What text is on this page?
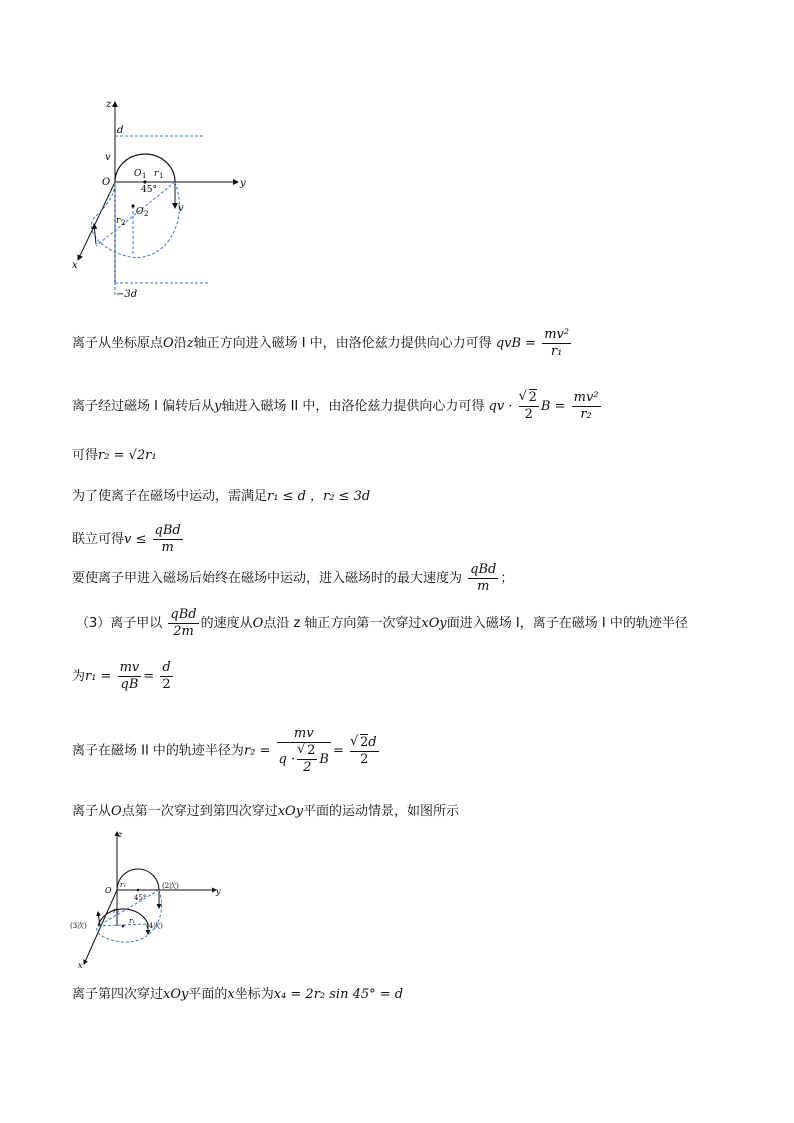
z
y
x
O
d
−3d
v
v
O 1 r 1
45°
O 2
r 2
离子从坐标原点O沿z轴正方向进入磁场 I 中，由洛伦兹力提供向心力可得 qvB = $\frac{\text{mv²}}{\text{r₁}}$
离子经过磁场 I 偏转后从y轴进入磁场 II 中，由洛伦兹力提供向心力可得 qv ·
√ $\frac{2}{2}$ $B = \frac{\text{mv²}}{\text{r₂}}$
可得r₂ = √2r₁
为了使离子在磁场中运动，需满足r₁ ≤ d ，r₂ ≤ 3d
联立可得$v \le \frac{\text{qBd}}{m}$
要使离子甲进入磁场后始终在磁场中运动，进入磁场时的最大速度为 $\frac{\text{qBd}}{m}$ ；
（3）离子甲以 $\frac{\text{qBd}}{2m}$ 的速度从O点沿 z 轴正方向第一次穿过xOy面进入磁场 I，离子在磁场 I 中的轨迹半径
为$r_1 = \frac{mv}{qB} = \frac{d}{2}$
离子在磁场 II 中的轨迹半径为r₂ = mv
q ·
√ $\frac{2}{2}$ B =
√ $\frac{2d}{2}$
离子从O点第一次穿过到第四次穿过xOy平面的运动情景，如图所示
z
y
x
O
r₁
45°
r₂
r₁
(2次)
(3次)	(4次)
离子第四次穿过xOy平面的x坐标为x₄ = 2r₂ sin 45° = d
